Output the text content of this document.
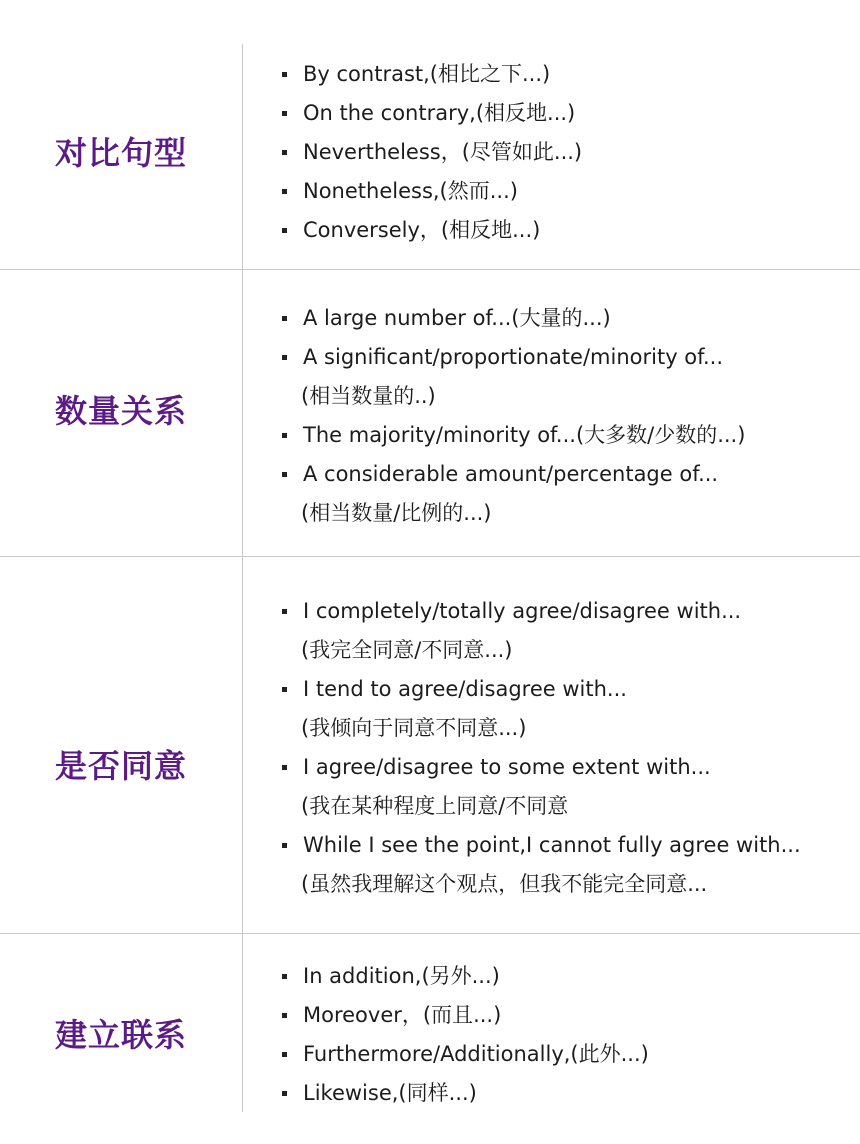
对比句型
By contrast,(相比之下...)
On the contrary,(相反地...)
Nevertheless，(尽管如此...)
Nonetheless,(然而...)
Conversely，(相反地...)
数量关系
A large number of...(大量的...)
A significant/proportionate/minority of...
(相当数量的..)
The majority/minority of...(大多数/少数的...)
A considerable amount/percentage of...
(相当数量/比例的...)
是否同意
I completely/totally agree/disagree with...
(我完全同意/不同意...)
I tend to agree/disagree with...
(我倾向于同意不同意...)
I agree/disagree to some extent with...
(我在某种程度上同意/不同意
While I see the point,I cannot fully agree with...
(虽然我理解这个观点，但我不能完全同意...
建立联系
In addition,(另外...)
Moreover，(而且...)
Furthermore/Additionally,(此外...)
Likewise,(同样...)
